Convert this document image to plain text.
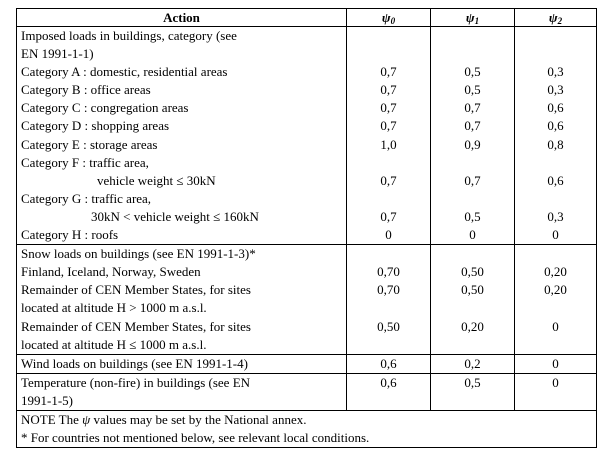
Action	$\psi_0$	$\psi_1$	$\psi_2$
Imposed loads in buildings, category (see
EN 1991-1-1)			
Category A : domestic, residential areas	0,7	0,5	0,3
Category B : office areas	0,7	0,5	0,3
Category C : congregation areas	0,7	0,7	0,6
Category D : shopping areas	0,7	0,7	0,6
Category E : storage areas	1,0	0,9	0,8
Category F : traffic area,
vehicle weight ≤ 30kN	0,7	0,7	0,6
Category G : traffic area,
30kN < vehicle weight ≤ 160kN	0,7	0,5	0,3
Category H : roofs	0	0	0
Snow loads on buildings (see EN 1991-1-3)*			
Finland, Iceland, Norway, Sweden	0,70	0,50	0,20
Remainder of CEN Member States, for sites
located at altitude H > 1000 m a.s.l.	0,70	0,50	0,20
Remainder of CEN Member States, for sites
located at altitude H ≤ 1000 m a.s.l.	0,50	0,20	0
Wind loads on buildings (see EN 1991-1-4)	0,6	0,2	0
Temperature (non-fire) in buildings (see EN
1991-1-5)	0,6	0,5	0

NOTE The ψ values may be set by the National annex.
* For countries not mentioned below, see relevant local conditions.			
